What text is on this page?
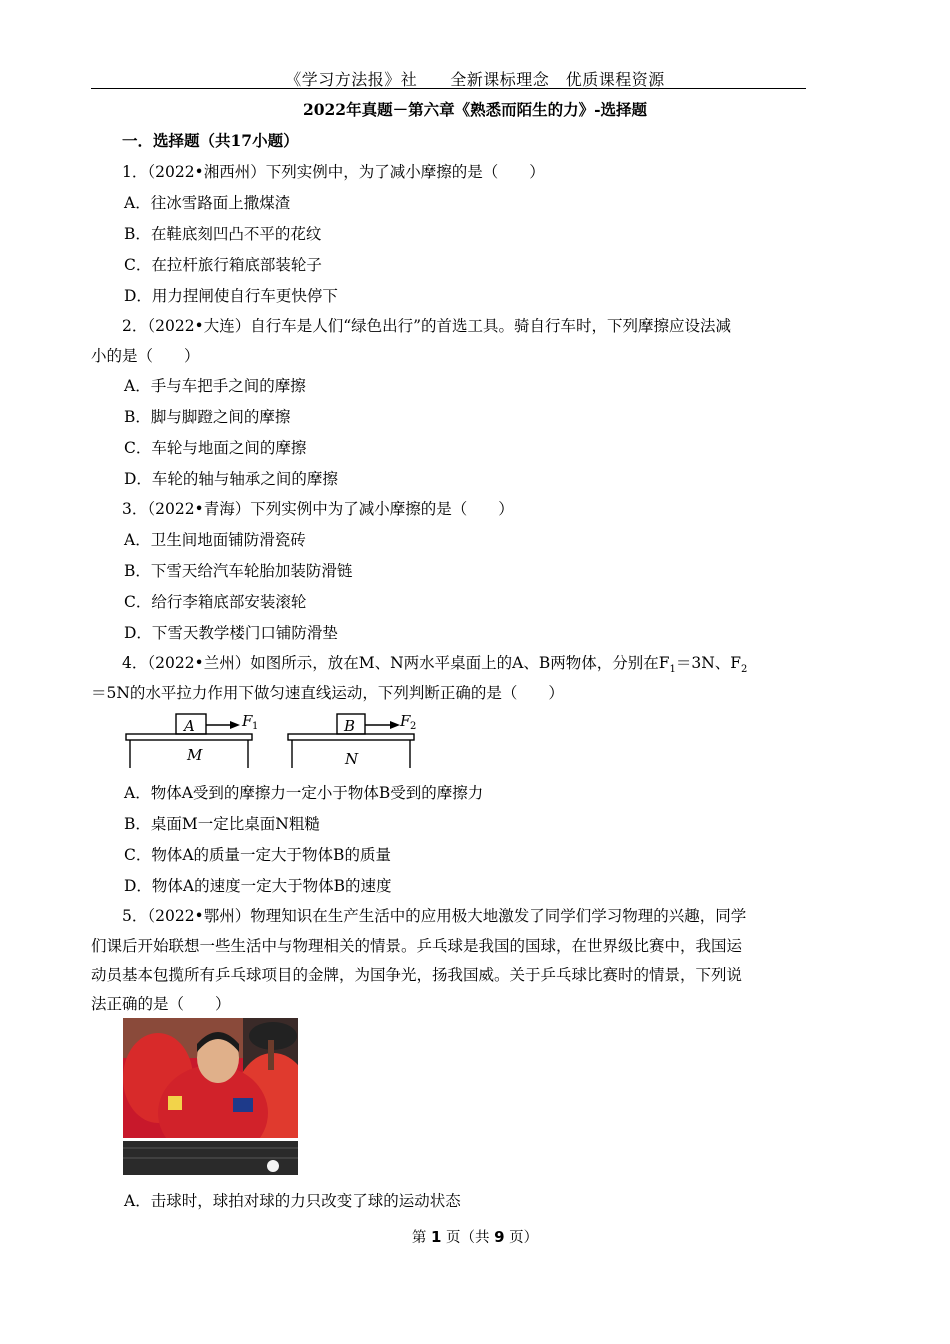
《学习方法报》社　　全新课标理念　优质课程资源
2022年真题－第六章《熟悉而陌生的力》-选择题
一．选择题（共17小题）
1．（2022•湘西州）下列实例中，为了减小摩擦的是（　　）
A．往冰雪路面上撒煤渣
B．在鞋底刻凹凸不平的花纹
C．在拉杆旅行箱底部装轮子
D．用力捏闸使自行车更快停下
2．（2022•大连）自行车是人们“绿色出行”的首选工具。骑自行车时，下列摩擦应设法减
小的是（　　）
A．手与车把手之间的摩擦
B．脚与脚蹬之间的摩擦
C．车轮与地面之间的摩擦
D．车轮的轴与轴承之间的摩擦
3．（2022•青海）下列实例中为了减小摩擦的是（　　）
A．卫生间地面铺防滑瓷砖
B．下雪天给汽车轮胎加装防滑链
C．给行李箱底部安装滚轮
D．下雪天教学楼门口铺防滑垫
4．（2022•兰州）如图所示，放在M、N两水平桌面上的A、B两物体，分别在$F_1=3N$、$F_2$
＝5N的水平拉力作用下做匀速直线运动，下列判断正确的是（　　）
A	F 1
M
B	F 2
N
A．物体A受到的摩擦力一定小于物体B受到的摩擦力
B．桌面M一定比桌面N粗糙
C．物体A的质量一定大于物体B的质量
D．物体A的速度一定大于物体B的速度
5．（2022•鄂州）物理知识在生产生活中的应用极大地激发了同学们学习物理的兴趣，同学
们课后开始联想一些生活中与物理相关的情景。乒乓球是我国的国球，在世界级比赛中，我国运
动员基本包揽所有乒乓球项目的金牌，为国争光，扬我国威。关于乒乓球比赛时的情景，下列说
法正确的是（　　）
A．击球时，球拍对球的力只改变了球的运动状态
第 1 页（共 9 页）
